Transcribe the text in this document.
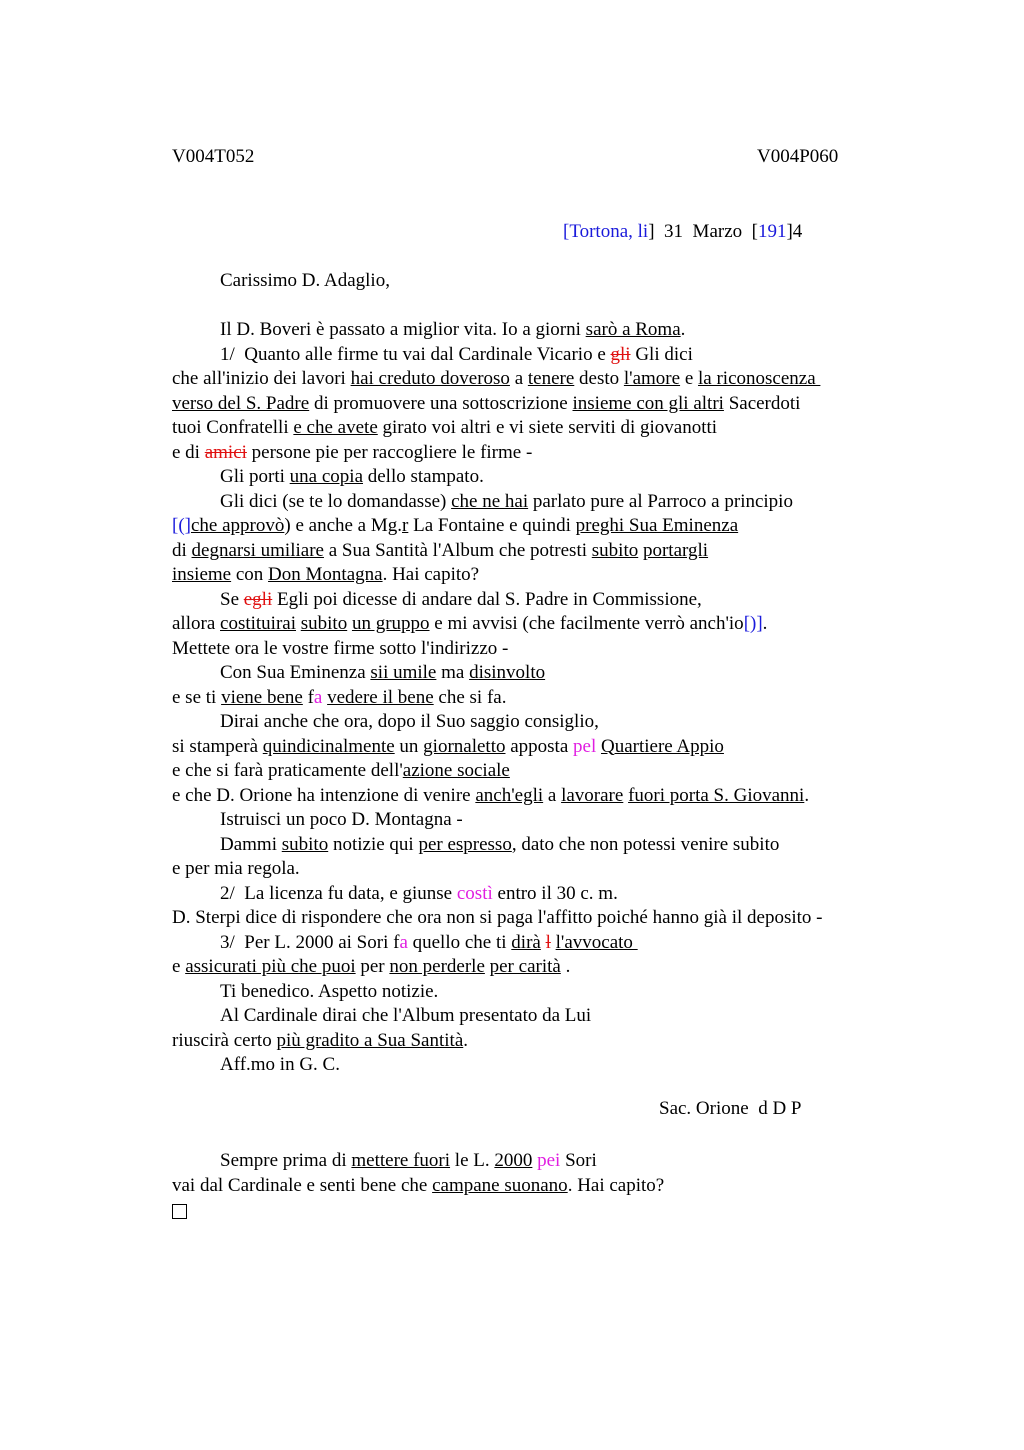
V004T052	V004P060
[Tortona, li]  31  Marzo  [191]4
Carissimo D. Adaglio,
Il D. Boveri è passato a miglior vita. Io a giorni sarò a Roma.
1/  Quanto alle firme tu vai dal Cardinale Vicario e gli Gli dici
che all'inizio dei lavori hai creduto doveroso a tenere desto l'amore e la riconoscenza
verso del S. Padre di promuovere una sottoscrizione insieme con gli altri Sacerdoti
tuoi Confratelli e che avete girato voi altri e vi siete serviti di giovanotti
e di amici persone pie per raccogliere le firme -
Gli porti una copia dello stampato.
Gli dici (se te lo domandasse) che ne hai parlato pure al Parroco a principio
[(]che approvò) e anche a Mg.r La Fontaine e quindi preghi Sua Eminenza
di degnarsi umiliare a Sua Santità l'Album che potresti subito portargli
insieme con Don Montagna. Hai capito?
Se egli Egli poi dicesse di andare dal S. Padre in Commissione,
allora costituirai subito un gruppo e mi avvisi (che facilmente verrò anch'io[)].
Mettete ora le vostre firme sotto l'indirizzo -
Con Sua Eminenza sii umile ma disinvolto
e se ti viene bene fa vedere il bene che si fa.
Dirai anche che ora, dopo il Suo saggio consiglio,
si stamperà quindicinalmente un giornaletto apposta pel Quartiere Appio
e che si farà praticamente dell'azione sociale
e che D. Orione ha intenzione di venire anch'egli a lavorare fuori porta S. Giovanni.
Istruisci un poco D. Montagna -
Dammi subito notizie qui per espresso, dato che non potessi venire subito
e per mia regola.
2/  La licenza fu data, e giunse costì entro il 30 c. m.
D. Sterpi dice di rispondere che ora non si paga l'affitto poiché hanno già il deposito -
3/  Per L. 2000 ai Sori fa quello che ti dirà l l'avvocato
e assicurati più che puoi per non perderle per carità .
Ti benedico. Aspetto notizie.
Al Cardinale dirai che l'Album presentato da Lui
riuscirà certo più gradito a Sua Santità.
Aff.mo in G. C.
Sac. Orione  d D P
Sempre prima di mettere fuori le L. 2000 pei Sori
vai dal Cardinale e senti bene che campane suonano. Hai capito?
